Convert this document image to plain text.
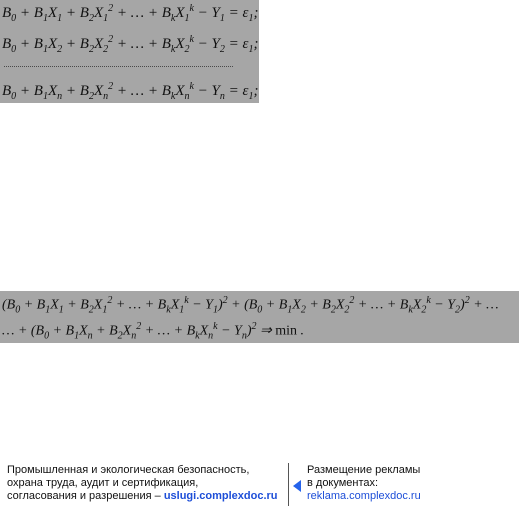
$B_0 + B_1X_1 + B_2X_1^2$ + … + $B_kX_1^k - Y_1 = \varepsilon_1$;
$B_0 + B_1X_2 + B_2X_2^2$ + … + $B_kX_2^k - Y_2 = \varepsilon_1$;
$B_0 + B_1X_n + B_2X_n^2$ + … + $B_kX_n^k - Y_n = \varepsilon_1$;
($B_0 + B_1X_1 + B_2X_1^2$ + … + $B_kX_1^k - Y_1)^2 + (B_0 + B_1X_2 + B_2X_2^2$ + … + $B_kX_2^k - Y_2)^2$ + …
… + ($B_0 + B_1X_n + B_2X_n^2$ + … + $B_kX_n^k - Y_n)^2$ ⇒ min .
Промышленная и экологическая безопасность,
охрана труда, аудит и сертификация,
согласования и разрешения – uslugi.complexdoc.ru
Размещение рекламы
в документах:
reklama.complexdoc.ru
